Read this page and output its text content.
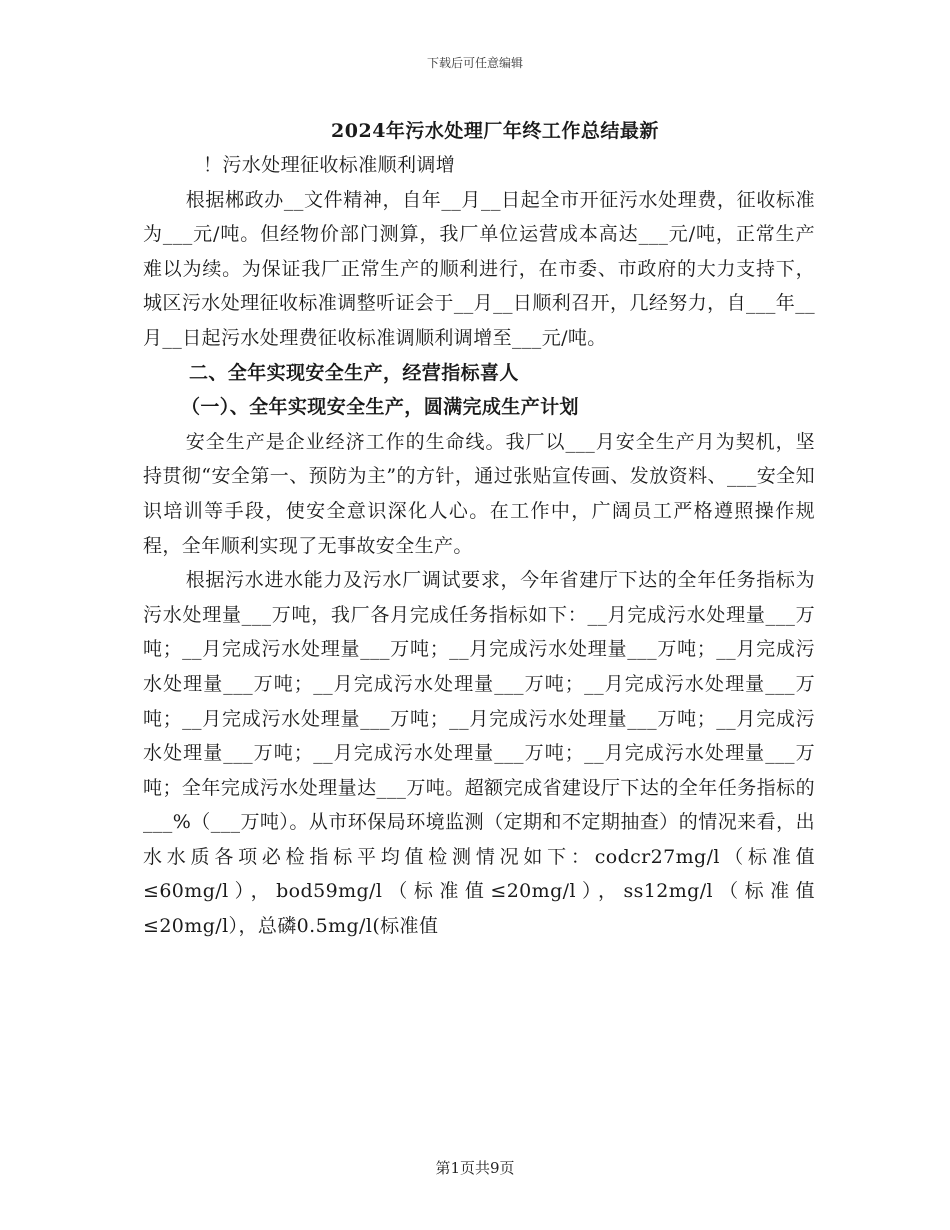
下载后可任意编辑
2024年污水处理厂年终工作总结最新

！污水处理征收标准顺利调增

根据郴政办__文件精神，自年__月__日起全市开征污水处理费，征收标准为___元/吨。但经物价部门测算，我厂单位运营成本高达___元/吨，正常生产难以为续。为保证我厂正常生产的顺利进行，在市委、市政府的大力支持下，城区污水处理征收标准调整听证会于__月__日顺利召开，几经努力，自___年__月__日起污水处理费征收标准调顺利调增至___元/吨。

二、全年实现安全生产，经营指标喜人

（一）、全年实现安全生产，圆满完成生产计划

安全生产是企业经济工作的生命线。我厂以___月安全生产月为契机，坚持贯彻“安全第一、预防为主”的方针，通过张贴宣传画、发放资料、___安全知识培训等手段，使安全意识深化人心。在工作中，广阔员工严格遵照操作规程，全年顺利实现了无事故安全生产。

根据污水进水能力及污水厂调试要求，今年省建厅下达的全年任务指标为污水处理量___万吨，我厂各月完成任务指标如下：__月完成污水处理量___万吨；__月完成污水处理量___万吨；__月完成污水处理量___万吨；__月完成污水处理量___万吨；__月完成污水处理量___万吨；__月完成污水处理量___万吨；__月完成污水处理量___万吨；__月完成污水处理量___万吨；__月完成污水处理量___万吨；__月完成污水处理量___万吨；__月完成污水处理量___万吨；全年完成污水处理量达___万吨。超额完成省建设厅下达的全年任务指标的___%（___万吨）。从市环保局环境监测（定期和不定期抽查）的情况来看，出水水质各项必检指标平均值检测情况如下：codcr27mg/l（标准值≤60mg/l），bod59mg/l（标准值≤20mg/l），ss12mg/l（标准值≤20mg/l），总磷0.5mg/l(标准值

第1页共9页
